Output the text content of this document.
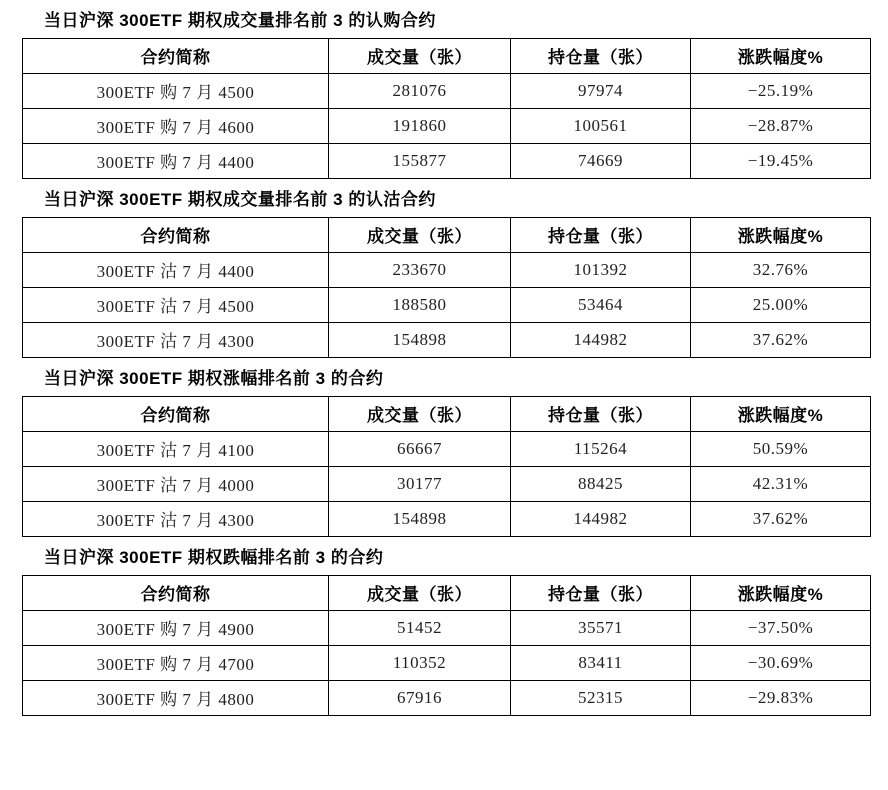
当日沪深 300ETF 期权成交量排名前 3 的认购合约
合约简称	成交量（张）	持仓量（张）	涨跌幅度%
300ETF 购 7 月 4500	281076	97974	−25.19%
300ETF 购 7 月 4600	191860	100561	−28.87%
300ETF 购 7 月 4400	155877	74669	−19.45%
当日沪深 300ETF 期权成交量排名前 3 的认沽合约
合约简称	成交量（张）	持仓量（张）	涨跌幅度%
300ETF 沽 7 月 4400	233670	101392	32.76%
300ETF 沽 7 月 4500	188580	53464	25.00%
300ETF 沽 7 月 4300	154898	144982	37.62%
当日沪深 300ETF 期权涨幅排名前 3 的合约
合约简称	成交量（张）	持仓量（张）	涨跌幅度%
300ETF 沽 7 月 4100	66667	115264	50.59%
300ETF 沽 7 月 4000	30177	88425	42.31%
300ETF 沽 7 月 4300	154898	144982	37.62%
当日沪深 300ETF 期权跌幅排名前 3 的合约
合约简称	成交量（张）	持仓量（张）	涨跌幅度%
300ETF 购 7 月 4900	51452	35571	−37.50%
300ETF 购 7 月 4700	110352	83411	−30.69%
300ETF 购 7 月 4800	67916	52315	−29.83%
